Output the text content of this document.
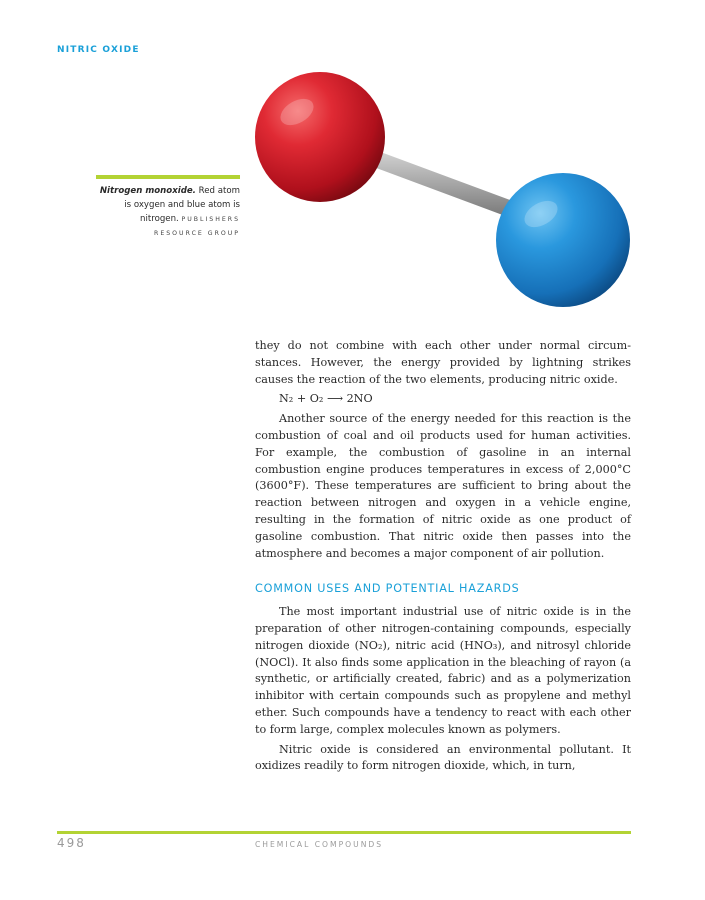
NITRIC OXIDE
Nitrogen monoxide. Red atom
is oxygen and blue atom is
nitrogen. PUBLISHERS
RESOURCE GROUP

they do not combine with each other under normal circumstances. However, the energy provided by lightning strikes causes the reaction of the two elements, producing nitric oxide.

N₂ + O₂ ⟶ 2NO

Another source of the energy needed for this reaction is the combustion of coal and oil products used for human activities. For example, the combustion of gasoline in an internal combustion engine produces temperatures in excess of 2,000°C (3600°F). These temperatures are sufficient to bring about the reaction between nitrogen and oxygen in a vehicle engine, resulting in the formation of nitric oxide as one product of gasoline combustion. That nitric oxide then passes into the atmosphere and becomes a major component of air pollution.

COMMON USES AND POTENTIAL HAZARDS

The most important industrial use of nitric oxide is in the preparation of other nitrogen-containing compounds, especially nitrogen dioxide (NO₂), nitric acid (HNO₃), and nitrosyl chloride (NOCl). It also finds some application in the bleaching of rayon (a synthetic, or artificially created, fabric) and as a polymerization inhibitor with certain compounds such as propylene and methyl ether. Such compounds have a tendency to react with each other to form large, complex molecules known as polymers.

Nitric oxide is considered an environmental pollutant. It oxidizes readily to form nitrogen dioxide, which, in turn,

498	CHEMICAL COMPOUNDS
